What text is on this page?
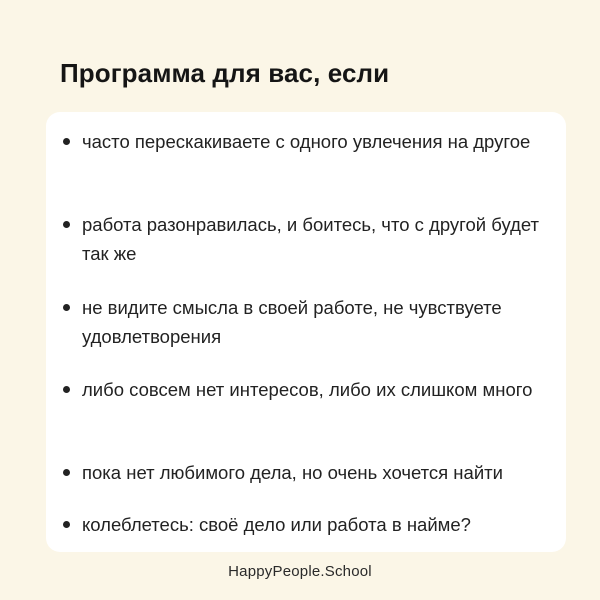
Программа для вас, если
часто перескакиваете с одного увлечения на другое
работа разонравилась, и боитесь, что с другой будет так же
не видите смысла в своей работе, не чувствуете удовлетворения
либо совсем нет интересов, либо их слишком много
пока нет любимого дела, но очень хочется найти
колеблетесь: своё дело или работа в найме?
HappyPeople.School
